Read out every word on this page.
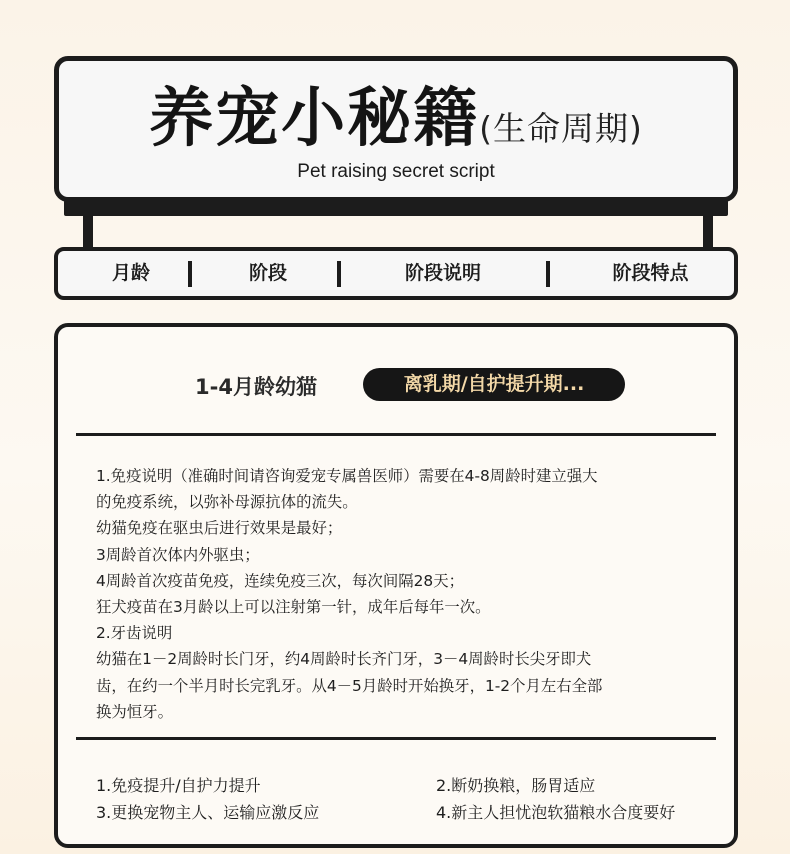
养宠小秘籍(生命周期)
Pet raising secret script
月龄	阶段	阶段说明	阶段特点
1-4月龄幼猫	离乳期/自护提升期...

1.免疫说明（准确时间请咨询爱宠专属兽医师）需要在4-8周龄时建立强大

的免疫系统，以弥补母源抗体的流失。

幼猫免疫在驱虫后进行效果是最好；

3周龄首次体内外驱虫；

4周龄首次疫苗免疫，连续免疫三次，每次间隔28天；

狂犬疫苗在3月龄以上可以注射第一针，成年后每年一次。

2.牙齿说明

幼猫在1－2周龄时长门牙，约4周龄时长齐门牙，3－4周龄时长尖牙即犬

齿，在约一个半月时长完乳牙。从4－5月龄时开始换牙，1-2个月左右全部

换为恒牙。

1.免疫提升/自护力提升	2.断奶换粮，肠胃适应
3.更换宠物主人、运输应激反应	4.新主人担忧泡软猫粮水合度要好
